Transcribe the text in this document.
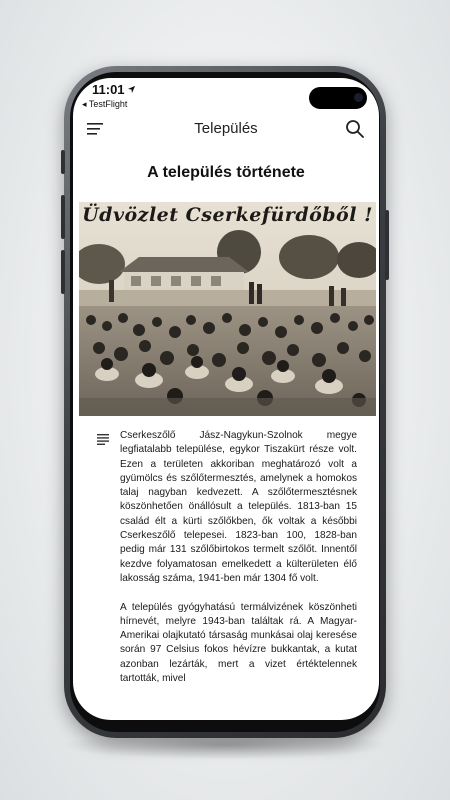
11:01
◂ TestFlight
Település
A település története
Üdvözlet Cserkefürdőből !

Cserkeszőlő Jász-Nagykun-Szolnok megye legfiatalabb települése, egykor Tiszakürt része volt. Ezen a területen akkoriban meghatározó volt a gyümölcs és szőlőtermesztés, amelynek a homokos talaj nagyban kedvezett. A szőlőtermesztésnek köszönhetően önállósult a település. 1813-ban 15 család élt a kürti szőlőkben, ők voltak a későbbi Cserkeszőlő telepesei. 1823-ban 100, 1828-ban pedig már 131 szőlőbirtokos termelt szőlőt. Innentől kezdve folyamatosan emelkedett a külterületen élő lakosság száma, 1941-ben már 1304 fő volt.

A település gyógyhatású termálvizének köszönheti hírnevét, melyre 1943-ban találtak rá. A Magyar- Amerikai olajkutató társaság munkásai olaj keresése során 97 Celsius fokos hévízre bukkantak, a kutat azonban lezárták, mert a vizet értéktelennek tartották, mivel
